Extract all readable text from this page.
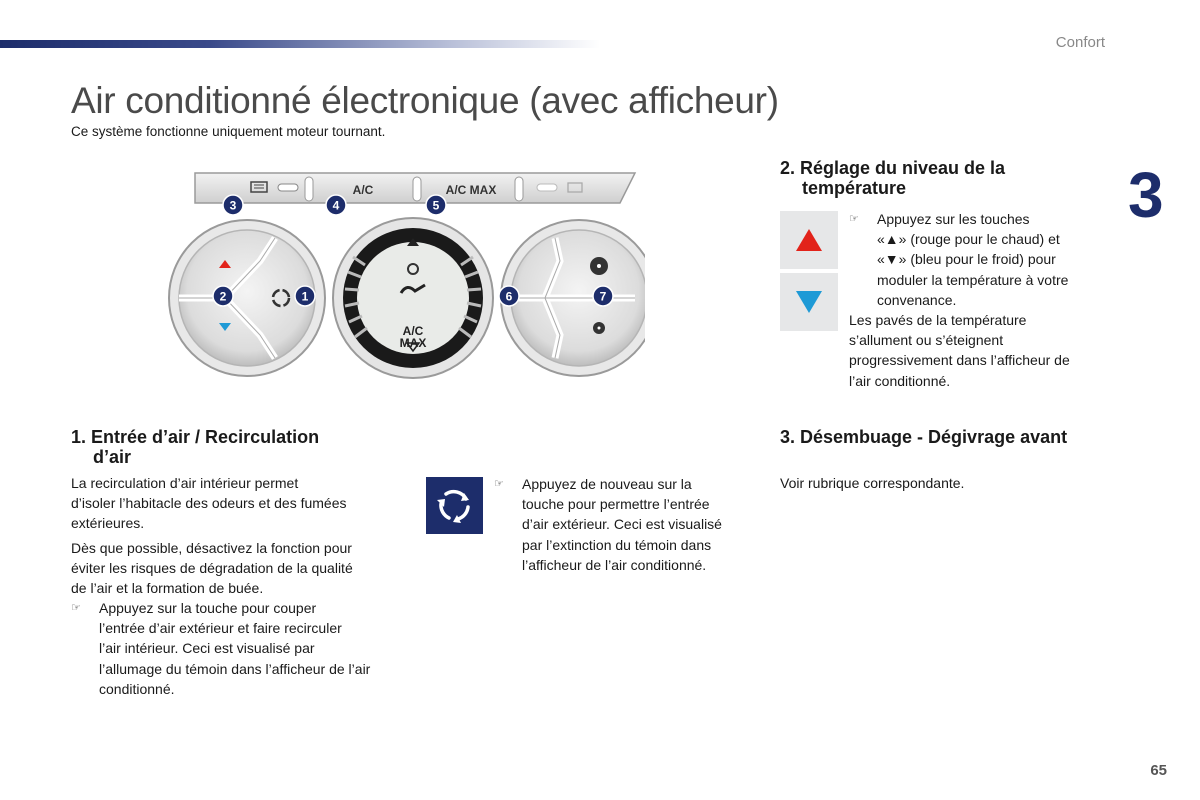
Confort
3
Air conditionné électronique (avec afficheur)
Ce système fonctionne uniquement moteur tournant.
A/C	A/C MAX
A/C
MAX
1
2
3	4	5
6	7
1. Entrée d’air / Recirculation
d’air
La recirculation d’air intérieur permet
d’isoler l’habitacle des odeurs et des fumées
extérieures.
Dès que possible, désactivez la fonction pour
éviter les risques de dégradation de la qualité
de l’air et la formation de buée.
☞ Appuyez sur la touche pour couper
l’entrée d’air extérieur et faire recirculer
l’air intérieur. Ceci est visualisé par
l’allumage du témoin dans l’afficheur de l’air
conditionné.
☞ Appuyez de nouveau sur la
touche pour permettre l’entrée
d’air extérieur. Ceci est visualisé
par l’extinction du témoin dans
l’afficheur de l’air conditionné.
2. Réglage du niveau de la
température
☞ Appuyez sur les touches
«▲» (rouge pour le chaud) et
«▼» (bleu pour le froid) pour
moduler la température à votre
convenance.
Les pavés de la température
s’allument ou s’éteignent
progressivement dans l’afficheur de
l’air conditionné.
3. Désembuage - Dégivrage avant
Voir rubrique correspondante.
65
